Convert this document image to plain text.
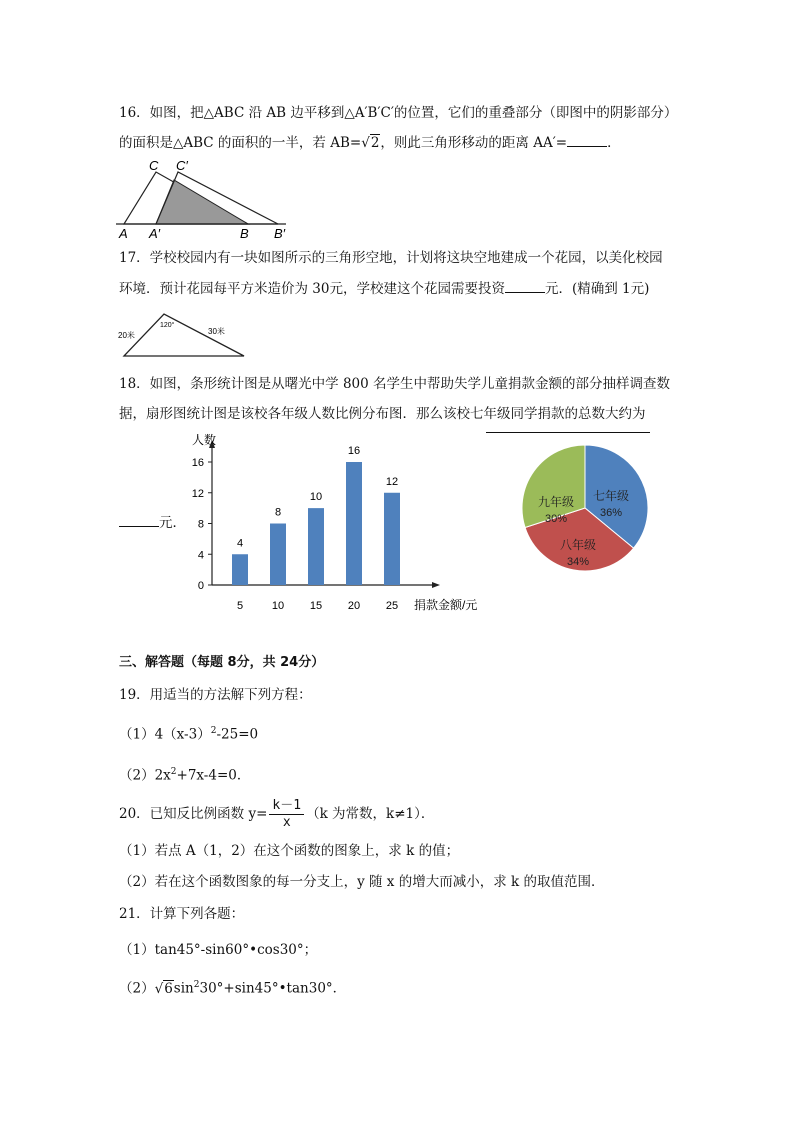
16．如图，把△ABC 沿 AB 边平移到△A′B′C′的位置，它们的重叠部分（即图中的阴影部分）
的面积是△ABC 的面积的一半，若 AB=√2，则此三角形移动的距离 AA′=	．
C C′
A A′	B B′
17．学校校园内有一块如图所示的三角形空地，计划将这块空地建成一个花园，以美化校园
环境．预计花园每平方米造价为 30元，学校建这个花园需要投资	元．(精确到 1元)
20米
120°
30米
18．如图，条形统计图是从曙光中学 800 名学生中帮助失学儿童捐款金额的部分抽样调查数
据，扇形图统计图是该校各年级人数比例分布图．那么该校七年级同学捐款的总数大约为
元．
0
4
8
12
16
人数
4
5
8
10
10
15
16
20
12
25 捐款金额/元
七年级
36%
八年级
34%
九年级
30%
三、解答题（每题 8分，共 24分）
19．用适当的方法解下列方程：
$(1)4(x-3)^2-25=0$
$(2)2x^2+7x-4=0$．
20．已知反比例函数 $y= \frac{k-1}{x} (k$ 为常数，k≠1）．
（1）若点 A（1，2）在这个函数的图象上，求 k 的值；
（2）若在这个函数图象的每一分支上，y 随 x 的增大而减小，求 k 的取值范围．
21．计算下列各题：
（1）tan45°-sin60°•cos30°；
$(2)√6\sin^230^\circ+\sin 45^\circ•\tan 30^\circ$．
